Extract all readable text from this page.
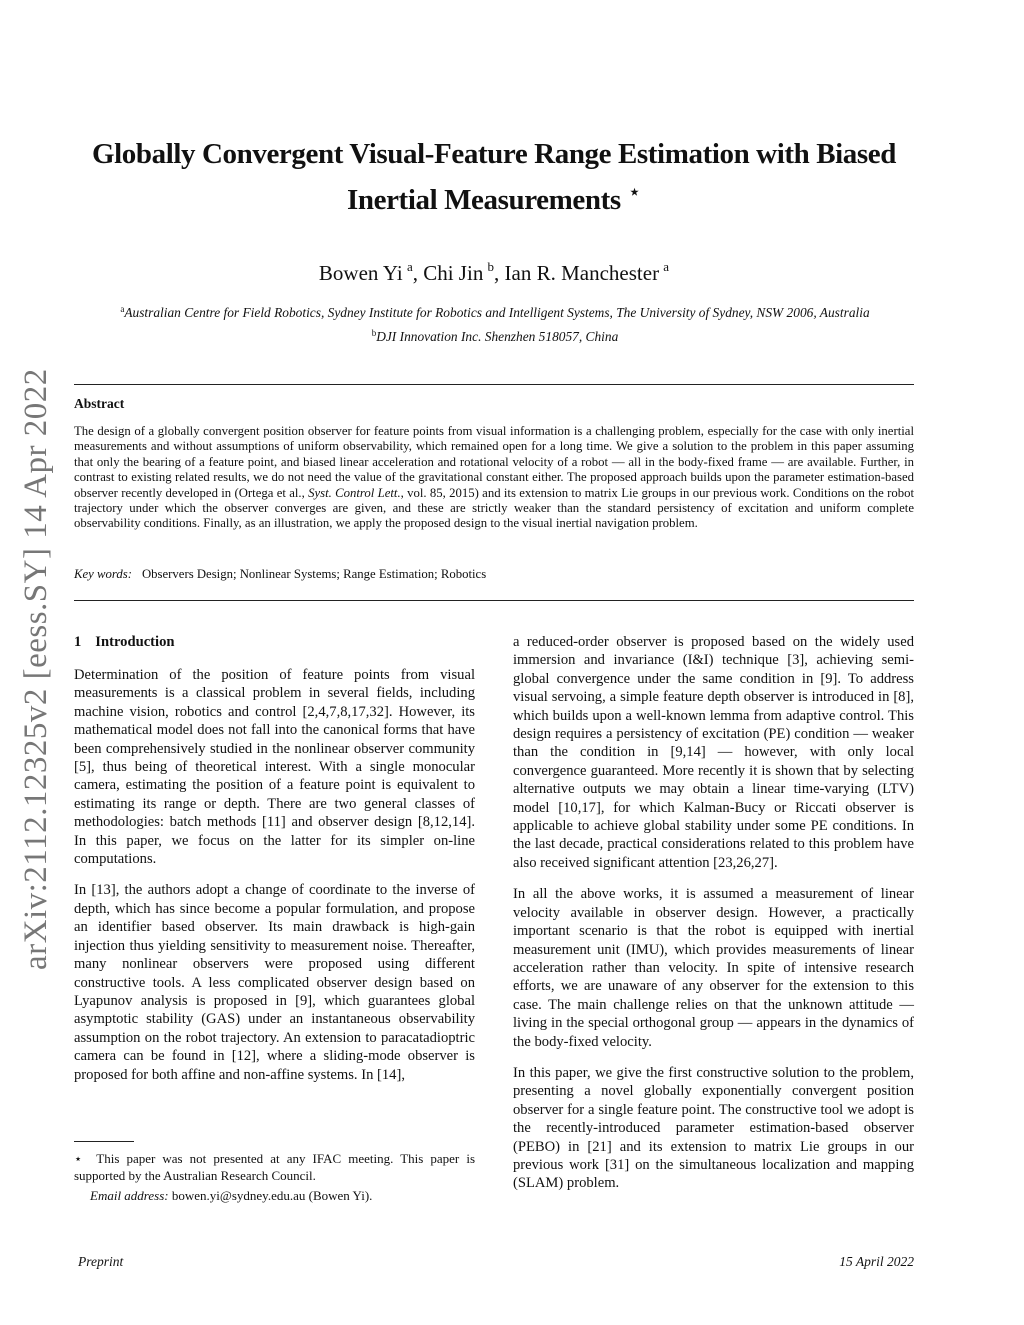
arXiv:2112.12325v2 [eess.SY] 14 Apr 2022
Globally Convergent Visual-Feature Range Estimation with Biased
Inertial Measurements ⋆
Bowen Yi  $^a$, Chi Jin  $^b$, Ian R. Manchester  $^a$
$^a$Australian Centre for Field Robotics, Sydney Institute for Robotics and Intelligent Systems, The University of Sydney, NSW 2006, Australia
$^b$DJI Innovation Inc. Shenzhen 518057, China
Abstract
The design of a globally convergent position observer for feature points from visual information is a challenging problem, especially for the case with only inertial measurements and without assumptions of uniform observability, which remained open for a long time. We give a solution to the problem in this paper assuming that only the bearing of a feature point, and biased linear acceleration and rotational velocity of a robot — all in the body-fixed frame — are available. Further, in contrast to existing related results, we do not need the value of the gravitational constant either. The proposed approach builds upon the parameter estimation-based observer recently developed in (Ortega et al., Syst. Control Lett., vol. 85, 2015) and its extension to matrix Lie groups in our previous work. Conditions on the robot trajectory under which the observer converges are given, and these are strictly weaker than the standard persistency of excitation and uniform complete observability conditions. Finally, as an illustration, we apply the proposed design to the visual inertial navigation problem.
Key words: Observers Design; Nonlinear Systems; Range Estimation; Robotics
1 Introduction

Determination of the position of feature points from visual measurements is a classical problem in several fields, including machine vision, robotics and control [2,4,7,8,17,32]. However, its mathematical model does not fall into the canonical forms that have been comprehensively studied in the nonlinear observer community [5], thus being of theoretical interest. With a single monocular camera, estimating the position of a feature point is equivalent to estimating its range or depth. There are two general classes of methodologies: batch methods [11] and observer design [8,12,14]. In this paper, we focus on the latter for its simpler on-line computations.

In [13], the authors adopt a change of coordinate to the inverse of depth, which has since become a popular formulation, and propose an identifier based observer. Its main drawback is high-gain injection thus yielding sensitivity to measurement noise. Thereafter, many nonlinear observers were proposed using different constructive tools. A less complicated observer design based on Lyapunov analysis is proposed in [9], which guarantees global asymptotic stability (GAS) under an instantaneous observability assumption on the robot trajectory. An extension to paracatadioptric camera can be found in [12], where a sliding-mode observer is proposed for both affine and non-affine systems. In [14],

a reduced-order observer is proposed based on the widely used immersion and invariance (I&I) technique [3], achieving semi-global convergence under the same condition in [9]. To address visual servoing, a simple feature depth observer is introduced in [8], which builds upon a well-known lemma from adaptive control. This design requires a persistency of excitation (PE) condition — weaker than the condition in [9,14] — however, with only local convergence guaranteed. More recently it is shown that by selecting alternative outputs we may obtain a linear time-varying (LTV) model [10,17], for which Kalman-Bucy or Riccati observer is applicable to achieve global stability under some PE conditions. In the last decade, practical considerations related to this problem have also received significant attention [23,26,27].

In all the above works, it is assumed a measurement of linear velocity available in observer design. However, a practically important scenario is that the robot is equipped with inertial measurement unit (IMU), which provides measurements of linear acceleration rather than velocity. In spite of intensive research efforts, we are unaware of any observer for the extension to this case. The main challenge relies on that the unknown attitude — living in the special orthogonal group — appears in the dynamics of the body-fixed velocity.

In this paper, we give the first constructive solution to the problem, presenting a novel globally exponentially convergent position observer for a single feature point. The constructive tool we adopt is the recently-introduced parameter estimation-based observer (PEBO) in [21] and its extension to matrix Lie groups in our previous work [31] on the simultaneous localization and mapping (SLAM) problem.

⋆ This paper was not presented at any IFAC meeting. This paper is supported by the Australian Research Council.

Email address: bowen.yi@sydney.edu.au (Bowen Yi).

Preprint	15 April 2022
